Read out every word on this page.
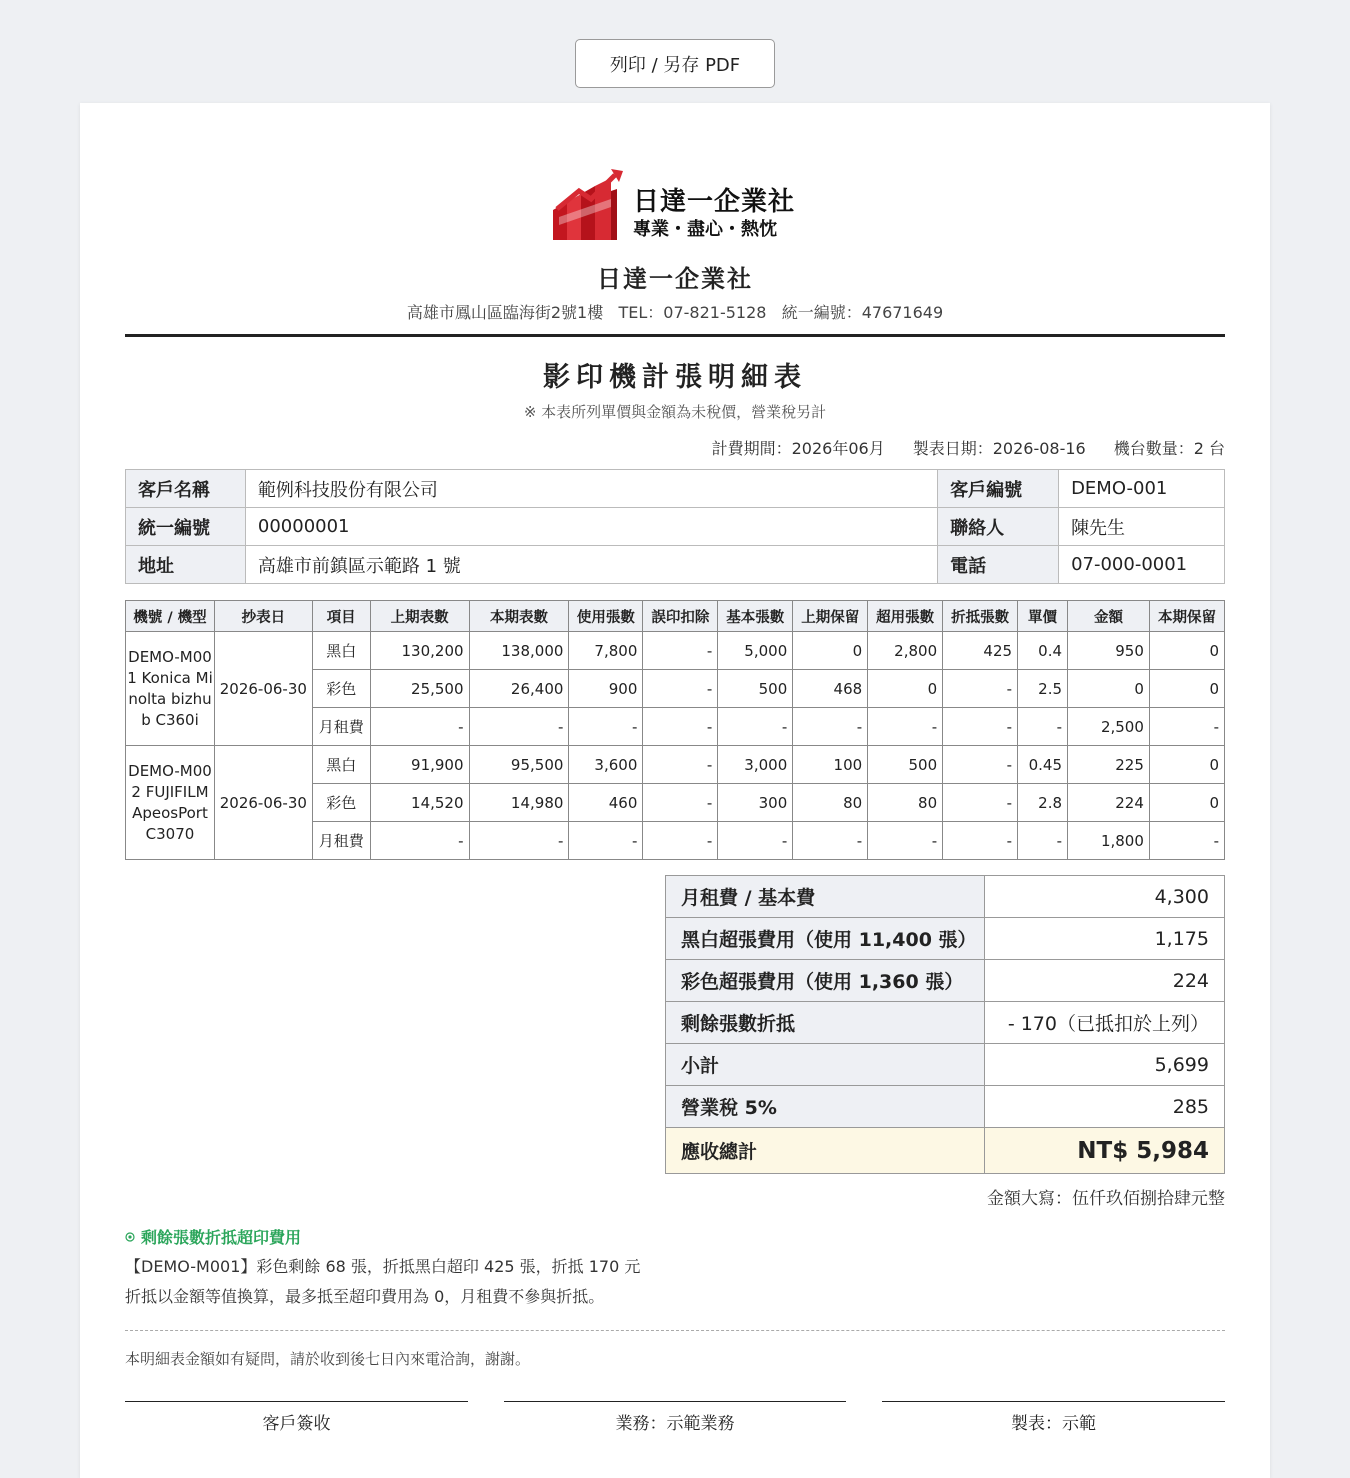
列印 / 另存 PDF
日達一企業社
專業・盡心・熱忱
日達一企業社
高雄市鳳山區臨海街2號1樓 TEL：07-821-5128 統一編號：47671649
影印機計張明細表
※ 本表所列單價與金額為未稅價，營業稅另計
計費期間：2026年06月 製表日期：2026-08-16 機台數量：2 台
客戶名稱	範例科技股份有限公司	客戶編號	DEMO-001
統一編號	00000001	聯絡人	陳先生
地址	高雄市前鎮區示範路 1 號	電話	07-000-0001
機號 / 機型	抄表日	項目	上期表數	本期表數	使用張數	誤印扣除	基本張數	上期保留	超用張數	折抵張數	單價	金額	本期保留
DEMO-M001 Konica Minolta bizhub C360i	2026-06-30	黑白	130,200	138,000	7,800	-	5,000	0	2,800	425	0.4	950	0
		彩色	25,500	26,400	900	-	500	468	0	-	2.5	0	0
		月租費	-	-	-	-	-	-	-	-	-	2,500	-
DEMO-M002 FUJIFILM ApeosPort C3070	2026-06-30	黑白	91,900	95,500	3,600	-	3,000	100	500	-	0.45	225	0
		彩色	14,520	14,980	460	-	300	80	80	-	2.8	224	0
		月租費	-	-	-	-	-	-	-	-	-	1,800	-
月租費 / 基本費	4,300
黑白超張費用（使用 11,400 張）	1,175
彩色超張費用（使用 1,360 張）	224
剩餘張數折抵	- 170（已抵扣於上列）
小計	5,699
營業稅 5%	285
應收總計	NT$ 5,984
金額大寫：伍仟玖佰捌拾肆元整
剩餘張數折抵超印費用
【DEMO-M001】彩色剩餘 68 張，折抵黑白超印 425 張，折抵 170 元
折抵以金額等值換算，最多抵至超印費用為 0，月租費不參與折抵。
本明細表金額如有疑問，請於收到後七日內來電洽詢，謝謝。
客戶簽收	業務：示範業務	製表：示範
